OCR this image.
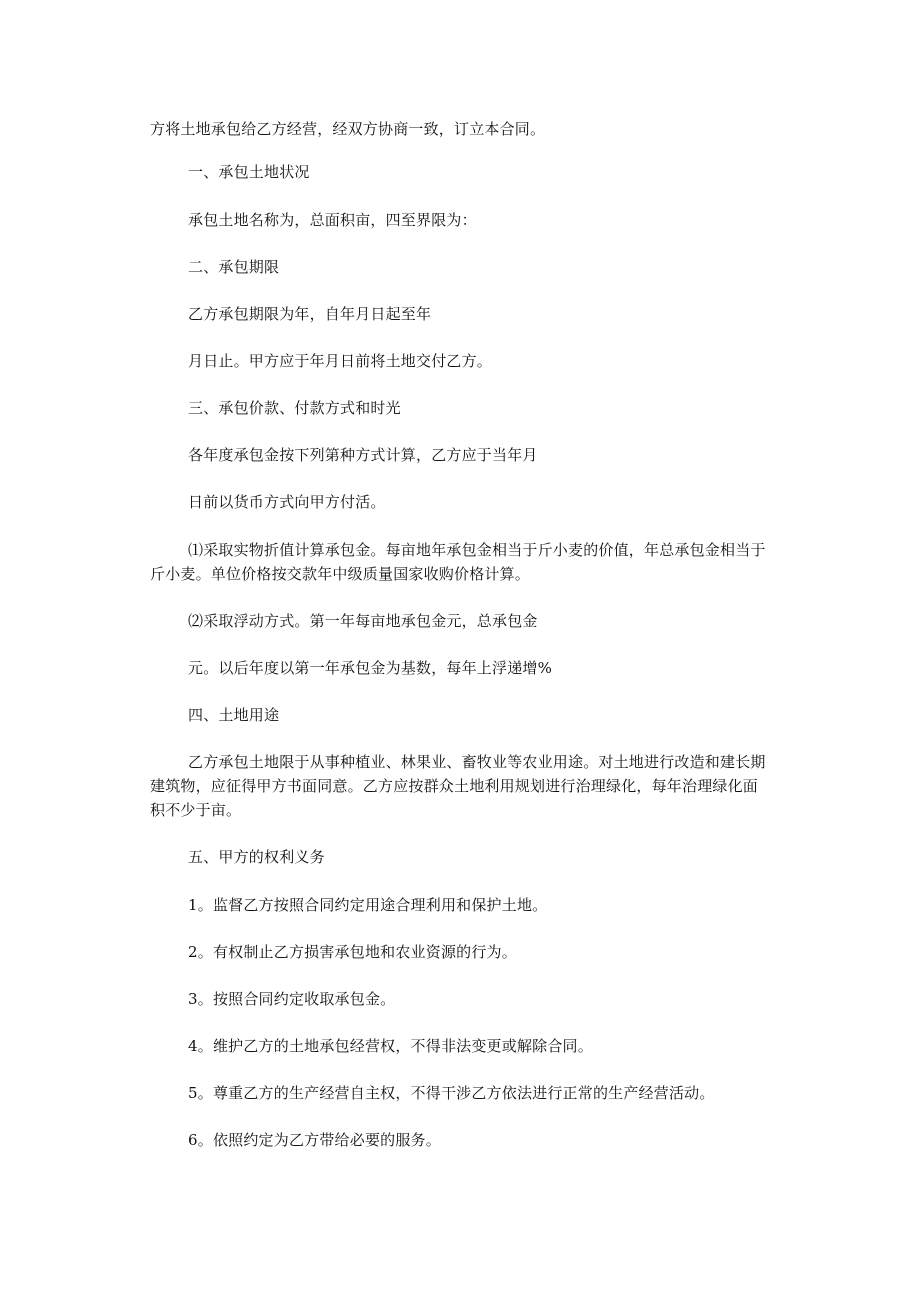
方将土地承包给乙方经营，经双方协商一致，订立本合同。

一、承包土地状况

承包土地名称为，总面积亩，四至界限为：

二、承包期限

乙方承包期限为年，自年月日起至年

月日止。甲方应于年月日前将土地交付乙方。

三、承包价款、付款方式和时光

各年度承包金按下列第种方式计算，乙方应于当年月

日前以货币方式向甲方付活。

⑴采取实物折值计算承包金。每亩地年承包金相当于斤小麦的价值，年总承包金相当于斤小麦。单位价格按交款年中级质量国家收购价格计算。

⑵采取浮动方式。第一年每亩地承包金元，总承包金

元。以后年度以第一年承包金为基数，每年上浮递增%

四、土地用途

乙方承包土地限于从事种植业、林果业、畜牧业等农业用途。对土地进行改造和建长期建筑物，应征得甲方书面同意。乙方应按群众土地利用规划进行治理绿化，每年治理绿化面积不少于亩。

五、甲方的权利义务

1。监督乙方按照合同约定用途合理利用和保护土地。

2。有权制止乙方损害承包地和农业资源的行为。

3。按照合同约定收取承包金。

4。维护乙方的土地承包经营权，不得非法变更或解除合同。

5。尊重乙方的生产经营自主权，不得干涉乙方依法进行正常的生产经营活动。

6。依照约定为乙方带给必要的服务。
